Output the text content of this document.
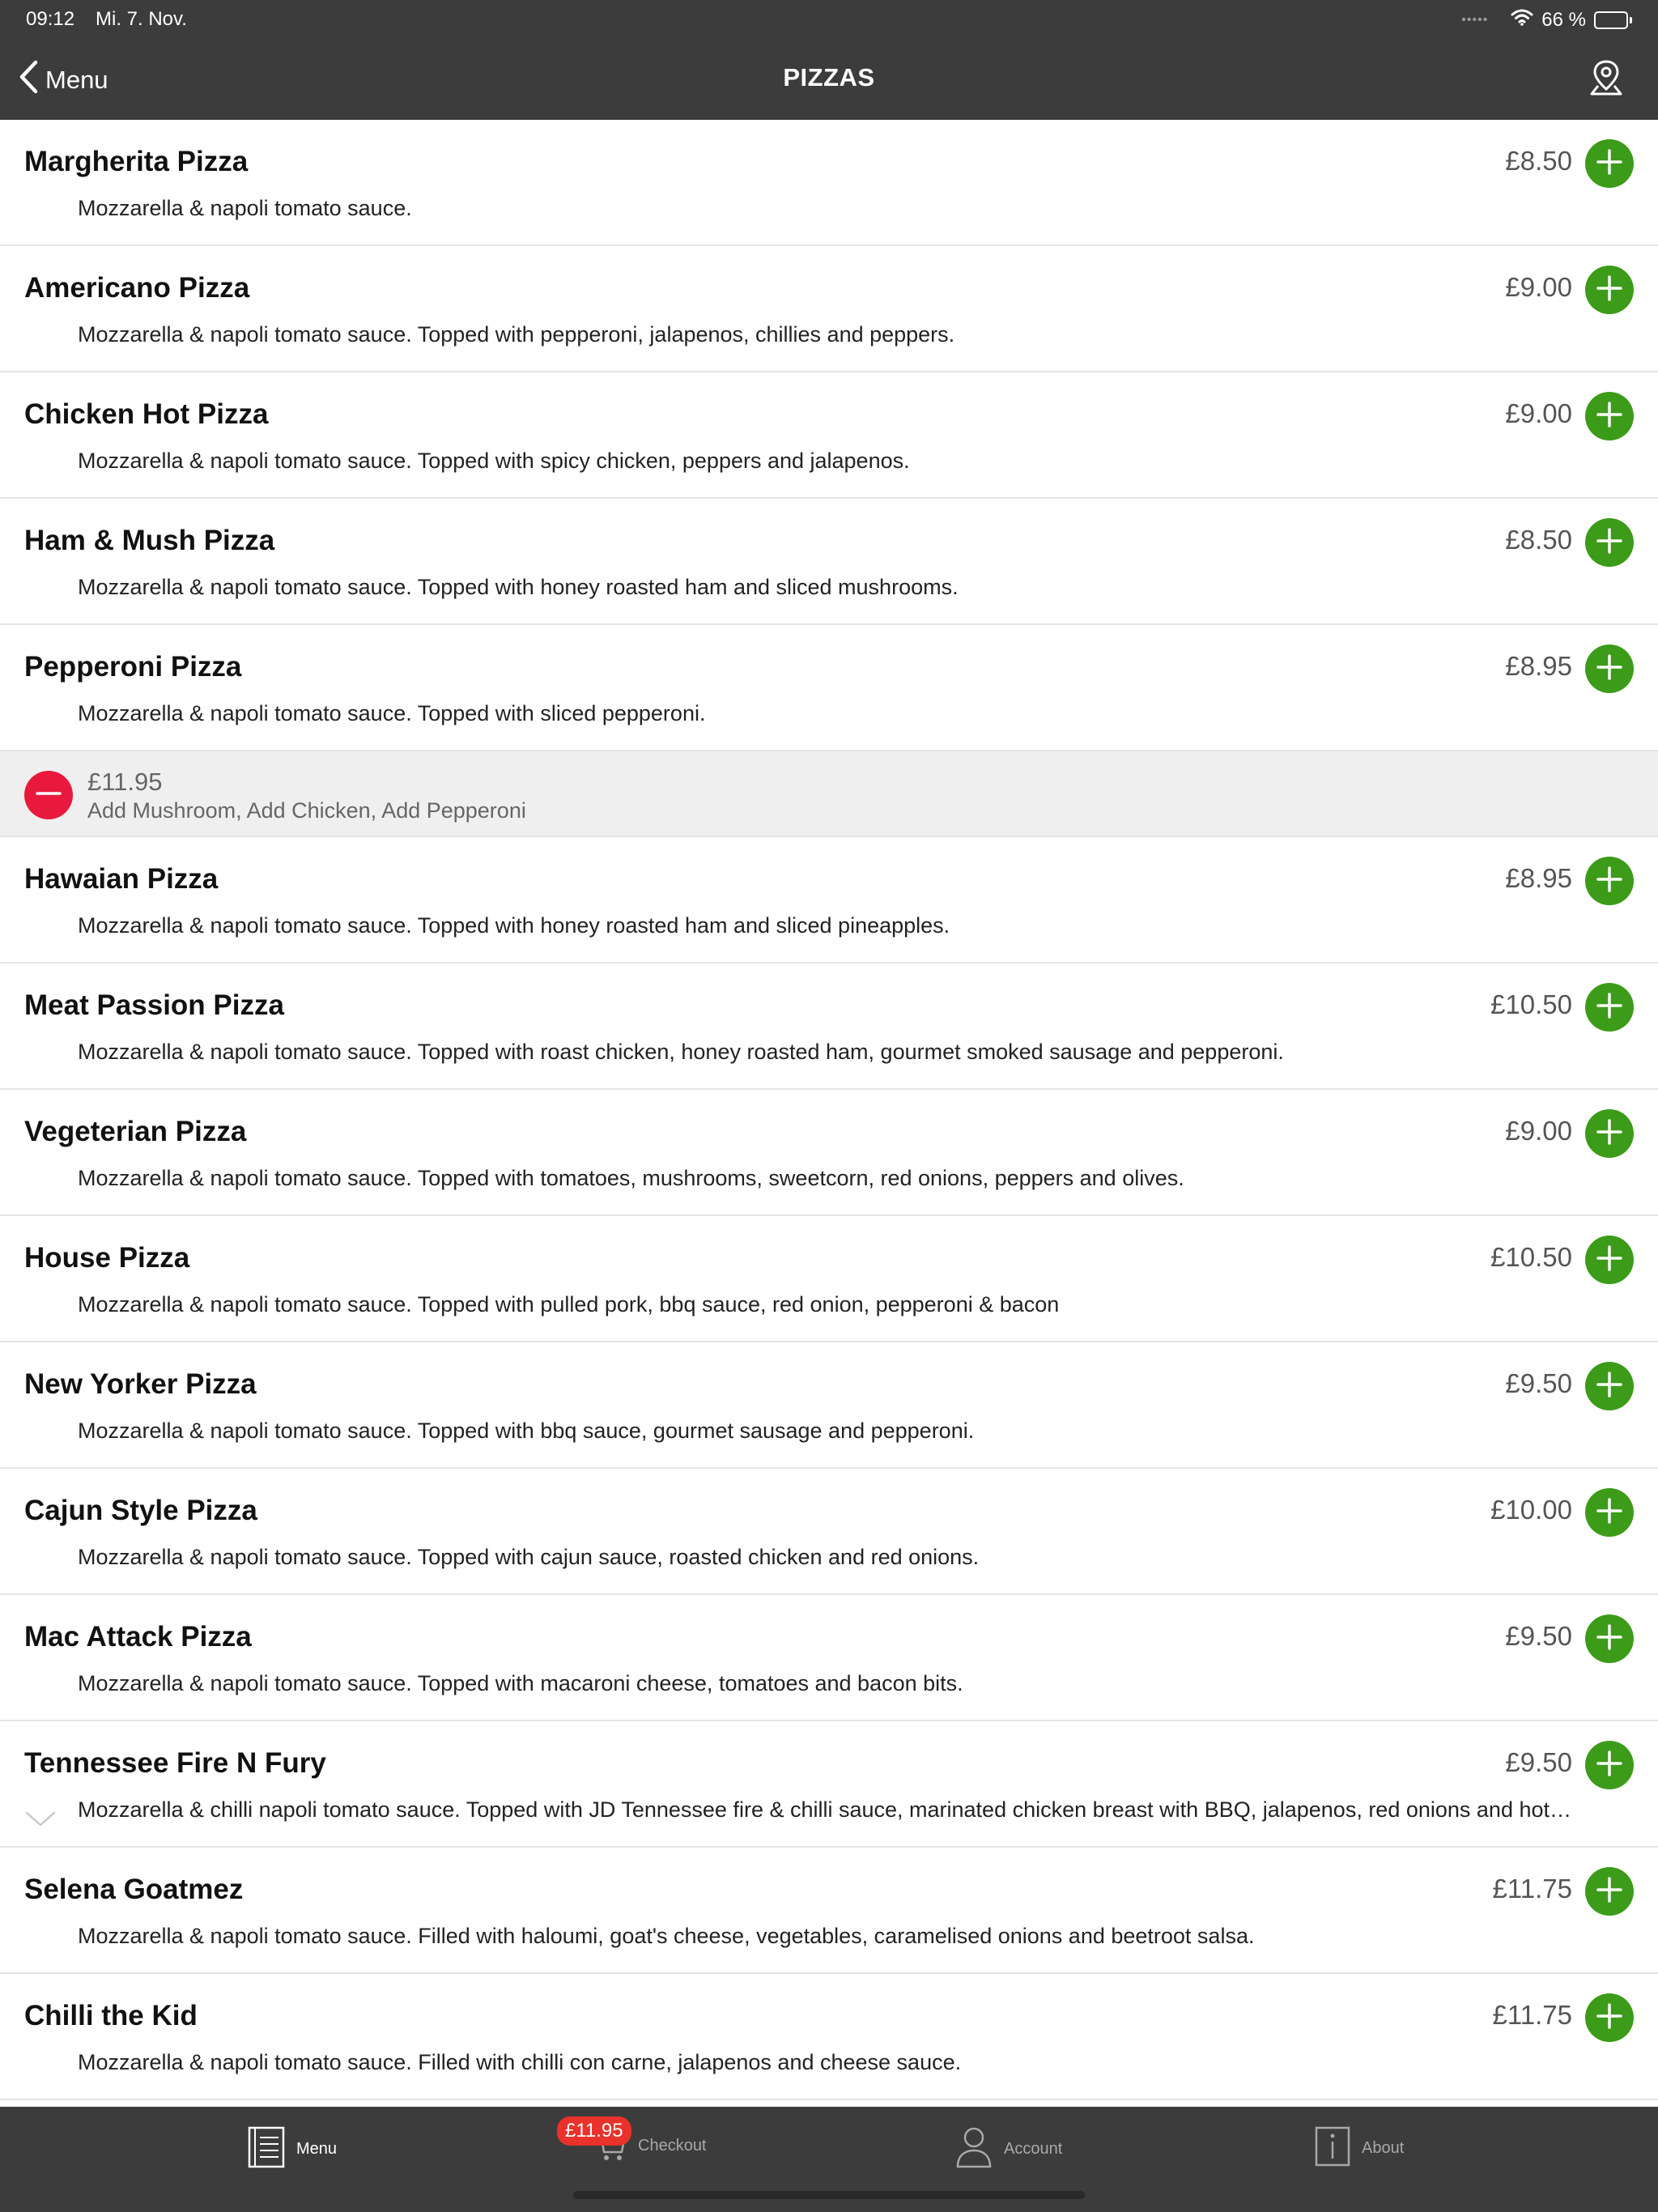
09:12 Mi. 7. Nov.	•••••	66 %
Menu	PIZZAS
Margherita Pizza
Mozzarella & napoli tomato sauce.
£8.50
Americano Pizza
Mozzarella & napoli tomato sauce. Topped with pepperoni, jalapenos, chillies and peppers.
£9.00
Chicken Hot Pizza
Mozzarella & napoli tomato sauce. Topped with spicy chicken, peppers and jalapenos.
£9.00
Ham & Mush Pizza
Mozzarella & napoli tomato sauce. Topped with honey roasted ham and sliced mushrooms.
£8.50
Pepperoni Pizza
Mozzarella & napoli tomato sauce. Topped with sliced pepperoni.
£8.95
£11.95
Add Mushroom, Add Chicken, Add Pepperoni
Hawaian Pizza
Mozzarella & napoli tomato sauce. Topped with honey roasted ham and sliced pineapples.
£8.95
Meat Passion Pizza
Mozzarella & napoli tomato sauce. Topped with roast chicken, honey roasted ham, gourmet smoked sausage and pepperoni.
£10.50
Vegeterian Pizza
Mozzarella & napoli tomato sauce. Topped with tomatoes, mushrooms, sweetcorn, red onions, peppers and olives.
£9.00
House Pizza
Mozzarella & napoli tomato sauce. Topped with pulled pork, bbq sauce, red onion, pepperoni & bacon
£10.50
New Yorker Pizza
Mozzarella & napoli tomato sauce. Topped with bbq sauce, gourmet sausage and pepperoni.
£9.50
Cajun Style Pizza
Mozzarella & napoli tomato sauce. Topped with cajun sauce, roasted chicken and red onions.
£10.00
Mac Attack Pizza
Mozzarella & napoli tomato sauce. Topped with macaroni cheese, tomatoes and bacon bits.
£9.50
Tennessee Fire N Fury
Mozzarella & chilli napoli tomato sauce. Topped with JD Tennessee fire & chilli sauce, marinated chicken breast with BBQ, jalapenos, red onions and hot…
£9.50
Selena Goatmez
Mozzarella & napoli tomato sauce. Filled with haloumi, goat's cheese, vegetables, caramelised onions and beetroot salsa.
£11.75
Chilli the Kid
Mozzarella & napoli tomato sauce. Filled with chilli con carne, jalapenos and cheese sauce.
£11.75
Menu	Checkout
£11.95
Account	About
